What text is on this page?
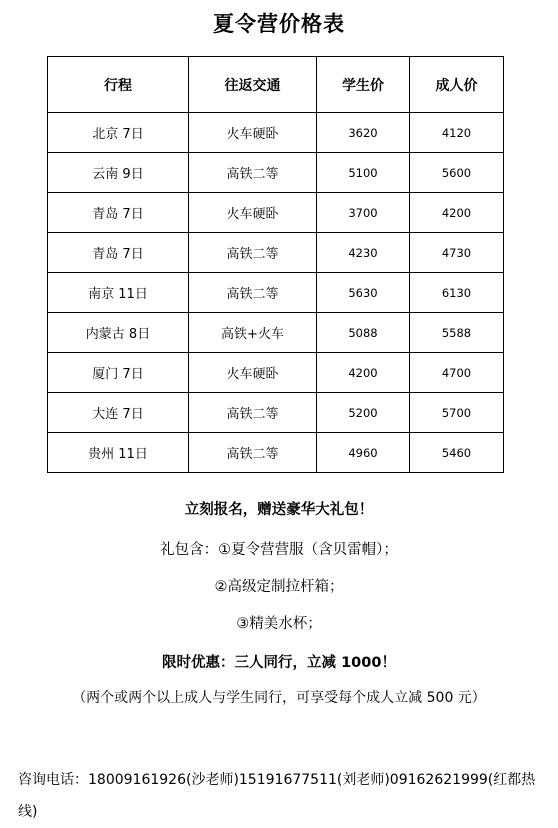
夏令营价格表
行程	往返交通	学生价	成人价
北京 7日	火车硬卧	3620	4120
云南 9日	高铁二等	5100	5600
青岛 7日	火车硬卧	3700	4200
青岛 7日	高铁二等	4230	4730
南京 11日	高铁二等	5630	6130
内蒙古 8日	高铁+火车	5088	5588
厦门 7日	火车硬卧	4200	4700
大连 7日	高铁二等	5200	5700
贵州 11日	高铁二等	4960	5460
立刻报名，赠送豪华大礼包！
礼包含：①夏令营营服（含贝雷帽）；
②高级定制拉杆箱；
③精美水杯；
限时优惠：三人同行，立减 1000！
（两个或两个以上成人与学生同行，可享受每个成人立减 500 元）
咨询电话：18009161926(沙老师)15191677511(刘老师)09162621999(红都热线)
